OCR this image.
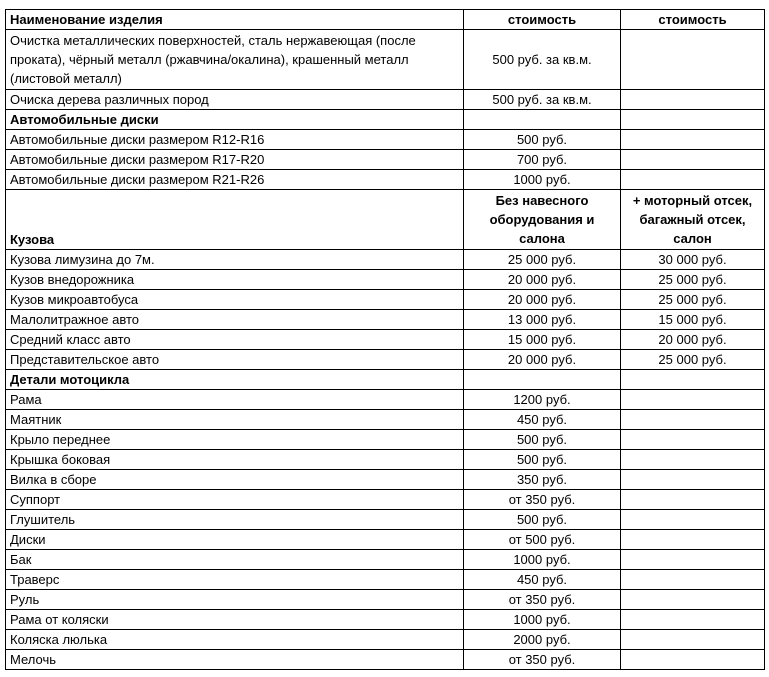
Наименование изделия	стоимость	стоимость
Очистка металлических поверхностей, сталь нержавеющая (после проката), чёрный металл (ржавчина/окалина), крашенный металл (листовой металл)	500 руб. за кв.м.	
Очиска дерева различных пород	500 руб. за кв.м.	
Автомобильные диски		
Автомобильные диски размером R12-R16	500 руб.	
Автомобильные диски размером R17-R20	700 руб.	
Автомобильные диски размером R21-R26	1000 руб.	
Кузова	Без навесного оборудования и салона	+ моторный отсек, багажный отсек, салон
Кузова лимузина до 7м.	25 000 руб.	30 000 руб.
Кузов внедорожника	20 000 руб.	25 000 руб.
Кузов микроавтобуса	20 000 руб.	25 000 руб.
Малолитражное авто	13 000 руб.	15 000 руб.
Средний класс авто	15 000 руб.	20 000 руб.
Представительское авто	20 000 руб.	25 000 руб.
Детали мотоцикла		
Рама	1200 руб.	
Маятник	450 руб.	
Крыло переднее	500 руб.	
Крышка боковая	500 руб.	
Вилка в сборе	350 руб.	
Суппорт	от 350 руб.	
Глушитель	500 руб.	
Диски	от 500 руб.	
Бак	1000 руб.	
Траверс	450 руб.	
Руль	от 350 руб.	
Рама от коляски	1000 руб.	
Коляска люлька	2000 руб.	
Мелочь	от 350 руб.	
